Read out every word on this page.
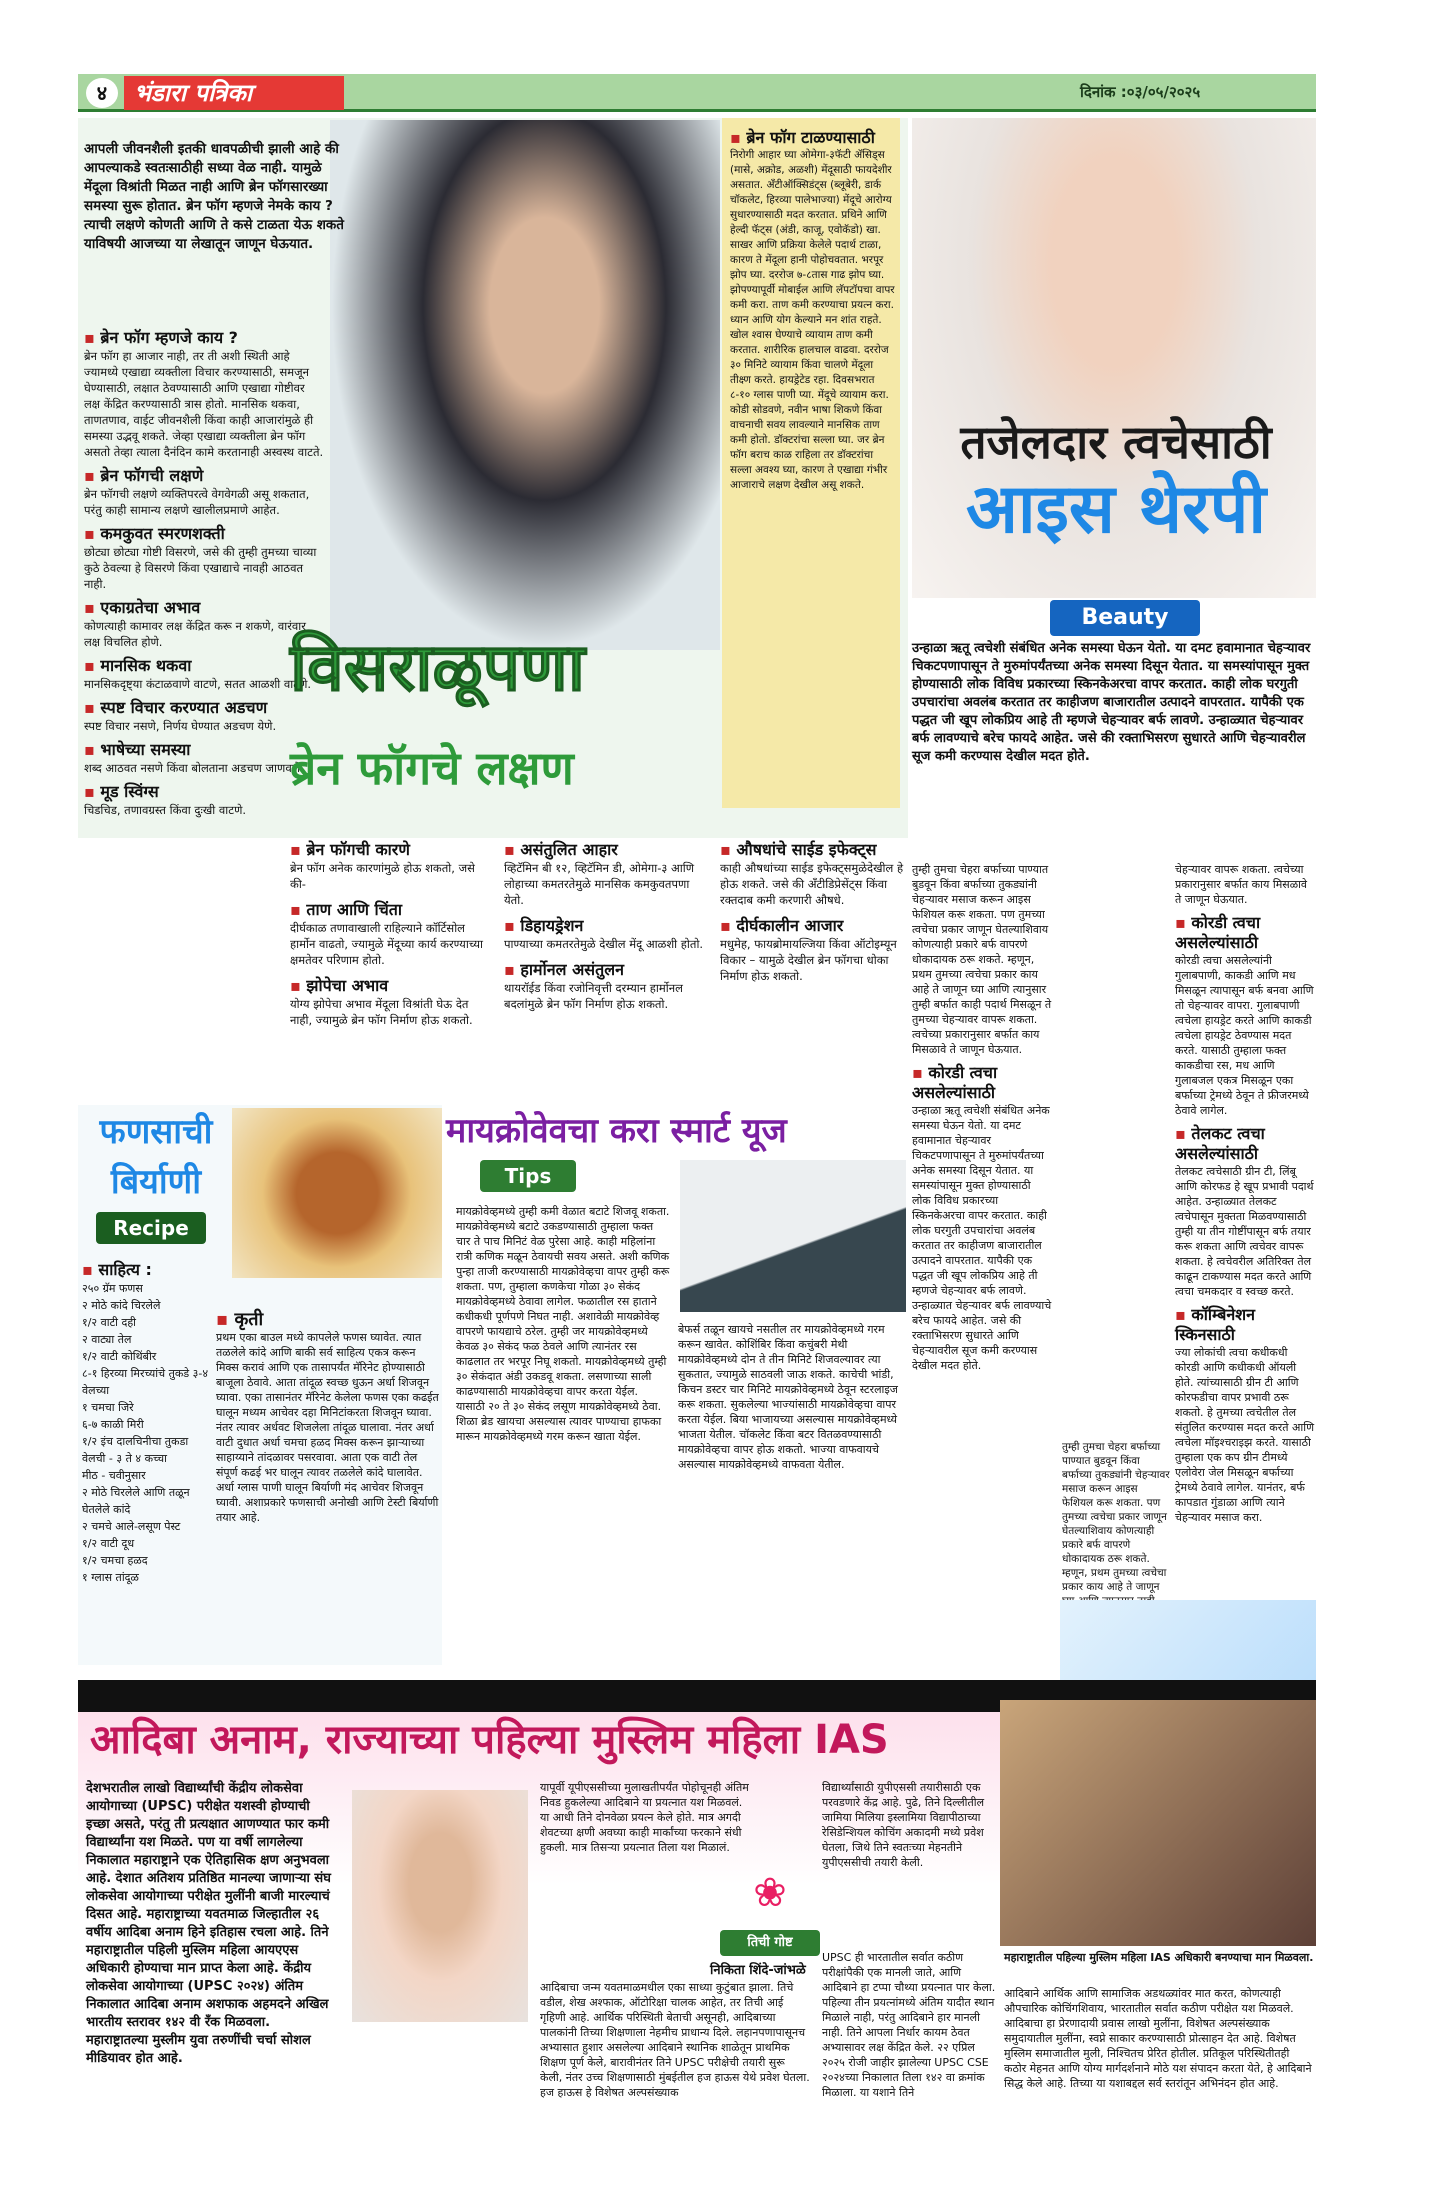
४	भंडारा पत्रिका	दिनांक :०३/०५/२०२५
आपली जीवनशैली इतकी धावपळीची झाली आहे की आपल्याकडे स्वतःसाठीही सध्या वेळ नाही. यामुळे मेंदूला विश्रांती मिळत नाही आणि ब्रेन फॉगसारख्या समस्या सुरू होतात. ब्रेन फॉग म्हणजे नेमके काय ? त्याची लक्षणे कोणती आणि ते कसे टाळता येऊ शकते याविषयी आजच्या या लेखातून जाणून घेऊयात.
▪ ब्रेन फॉग म्हणजे काय ?

ब्रेन फॉग हा आजार नाही, तर ती अशी स्थिती आहे ज्यामध्ये एखाद्या व्यक्तीला विचार करण्यासाठी, समजून घेण्यासाठी, लक्षात ठेवण्यासाठी आणि एखाद्या गोष्टीवर लक्ष केंद्रित करण्यासाठी त्रास होतो. मानसिक थकवा, ताणतणाव, वाईट जीवनशैली किंवा काही आजारांमुळे ही समस्या उद्भवू शकते. जेव्हा एखाद्या व्यक्तीला ब्रेन फॉग असतो तेव्हा त्याला दैनंदिन कामे करतानाही अस्वस्थ वाटते.

▪ ब्रेन फॉगची लक्षणे

ब्रेन फॉगची लक्षणे व्यक्तिपरत्वे वेगवेगळी असू शकतात, परंतु काही सामान्य लक्षणे खालीलप्रमाणे आहेत.

▪ कमकुवत स्मरणशक्ती

छोट्या छोट्या गोष्टी विसरणे, जसे की तुम्ही तुमच्या चाव्या कुठे ठेवल्या हे विसरणे किंवा एखाद्याचे नावही आठवत नाही.

▪ एकाग्रतेचा अभाव

कोणत्याही कामावर लक्ष केंद्रित करू न शकणे, वारंवार लक्ष विचलित होणे.

▪ मानसिक थकवा

मानसिकदृष्ट्या कंटाळवाणे वाटणे, सतत आळशी वाटणे.

▪ स्पष्ट विचार करण्यात अडचण

स्पष्ट विचार नसणे, निर्णय घेण्यात अडचण येणे.

▪ भाषेच्या समस्या

शब्द आठवत नसणे किंवा बोलताना अडचण जाणवणे.

▪ मूड स्विंग्स

चिडचिड, तणावग्रस्त किंवा दुःखी वाटणे.

विसराळूपणा
ब्रेन फॉगचे लक्षण
▪ ब्रेन फॉग टाळण्यासाठी

निरोगी आहार घ्या ओमेगा-३फॅटी ॲसिड्स (मासे, अक्रोड, अळशी) मेंदूसाठी फायदेशीर असतात. अँटीऑक्सिडंट्स (ब्लूबेरी, डार्क चॉकलेट, हिरव्या पालेभाज्या) मेंदूचे आरोग्य सुधारण्यासाठी मदत करतात. प्रथिने आणि हेल्दी फॅट्स (अंडी, काजू, एवोकॅडो) खा. साखर आणि प्रक्रिया केलेले पदार्थ टाळा, कारण ते मेंदूला हानी पोहोचवतात. भरपूर झोप घ्या. दररोज ७-८तास गाढ झोप घ्या. झोपण्यापूर्वी मोबाईल आणि लॅपटॉपचा वापर कमी करा. ताण कमी करण्याचा प्रयत्न करा. ध्यान आणि योग केल्याने मन शांत राहते. खोल श्वास घेण्याचे व्यायाम ताण कमी करतात. शारीरिक हालचाल वाढवा. दररोज ३० मिनिटे व्यायाम किंवा चालणे मेंदूला तीक्ष्ण करते. हायड्रेटेड रहा. दिवसभरात ८-१० ग्लास पाणी प्या. मेंदूचे व्यायाम करा. कोडी सोडवणे, नवीन भाषा शिकणे किंवा वाचनाची सवय लावल्याने मानसिक ताण कमी होतो. डॉक्टरांचा सल्ला घ्या. जर ब्रेन फॉग बराच काळ राहिला तर डॉक्टरांचा सल्ला अवश्य घ्या, कारण ते एखाद्या गंभीर आजाराचे लक्षण देखील असू शकते.

▪ ब्रेन फॉगची कारणे

ब्रेन फॉग अनेक कारणांमुळे होऊ शकतो, जसे की-

▪ ताण आणि चिंता

दीर्घकाळ तणावाखाली राहिल्याने कॉर्टिसोल हार्मोन वाढतो, ज्यामुळे मेंदूच्या कार्य करण्याच्या क्षमतेवर परिणाम होतो.

▪ झोपेचा अभाव

योग्य झोपेचा अभाव मेंदूला विश्रांती घेऊ देत नाही, ज्यामुळे ब्रेन फॉग निर्माण होऊ शकतो.

▪ असंतुलित आहार

व्हिटॅमिन बी १२, व्हिटॅमिन डी, ओमेगा-३ आणि लोहाच्या कमतरतेमुळे मानसिक कमकुवतपणा येतो.

▪ डिहायड्रेशन

पाण्याच्या कमतरतेमुळे देखील मेंदू आळशी होतो.

▪ हार्मोनल असंतुलन

थायरॉईड किंवा रजोनिवृत्ती दरम्यान हार्मोनल बदलांमुळे ब्रेन फॉग निर्माण होऊ शकतो.

▪ औषधांचे साईड इफेक्ट्स

काही औषधांच्या साईड इफेक्ट्समुळेदेखील हे होऊ शकते. जसे की अँटीडिप्रेसेंट्स किंवा रक्तदाब कमी करणारी औषधे.

▪ दीर्घकालीन आजार

मधुमेह, फायब्रोमायल्जिया किंवा ऑटोइम्यून विकार – यामुळे देखील ब्रेन फॉगचा धोका निर्माण होऊ शकतो.

तजेलदार त्वचेसाठी
आइस थेरपी
Beauty
उन्हाळा ऋतू त्वचेशी संबंधित अनेक समस्या घेऊन येतो. या दमट हवामानात चेहऱ्यावर चिकटपणापासून ते मुरुमांपर्यंतच्या अनेक समस्या दिसून येतात. या समस्यांपासून मुक्त होण्यासाठी लोक विविध प्रकारच्या स्किनकेअरचा वापर करतात. काही लोक घरगुती उपचारांचा अवलंब करतात तर काहीजण बाजारातील उत्पादने वापरतात. यापैकी एक पद्धत जी खूप लोकप्रिय आहे ती म्हणजे चेहऱ्यावर बर्फ लावणे. उन्हाळ्यात चेहऱ्यावर बर्फ लावण्याचे बरेच फायदे आहेत. जसे की रक्ताभिसरण सुधारते आणि चेहऱ्यावरील सूज कमी करण्यास देखील मदत होते.

तुम्ही तुमचा चेहरा बर्फाच्या पाण्यात बुडवून किंवा बर्फाच्या तुकड्यांनी चेहऱ्यावर मसाज करून आइस फेशियल करू शकता. पण तुमच्या त्वचेचा प्रकार जाणून घेतल्याशिवाय कोणत्याही प्रकारे बर्फ वापरणे धोकादायक ठरू शकते. म्हणून, प्रथम तुमच्या त्वचेचा प्रकार काय आहे ते जाणून घ्या आणि त्यानुसार तुम्ही बर्फात काही पदार्थ मिसळून ते तुमच्या चेहऱ्यावर वापरू शकता. त्वचेच्या प्रकारानुसार बर्फात काय मिसळावे ते जाणून घेऊयात.

▪ कोरडी त्वचा असलेल्यांसाठी

उन्हाळा ऋतू त्वचेशी संबंधित अनेक समस्या घेऊन येतो. या दमट हवामानात चेहऱ्यावर चिकटपणापासून ते मुरुमांपर्यंतच्या अनेक समस्या दिसून येतात. या समस्यांपासून मुक्त होण्यासाठी लोक विविध प्रकारच्या स्किनकेअरचा वापर करतात. काही लोक घरगुती उपचारांचा अवलंब करतात तर काहीजण बाजारातील उत्पादने वापरतात. यापैकी एक पद्धत जी खूप लोकप्रिय आहे ती म्हणजे चेहऱ्यावर बर्फ लावणे. उन्हाळ्यात चेहऱ्यावर बर्फ लावण्याचे बरेच फायदे आहेत. जसे की रक्ताभिसरण सुधारते आणि चेहऱ्यावरील सूज कमी करण्यास देखील मदत होते.

चेहऱ्यावर वापरू शकता. त्वचेच्या प्रकारानुसार बर्फात काय मिसळावे ते जाणून घेऊयात.

▪ कोरडी त्वचा असलेल्यांसाठी

कोरडी त्वचा असलेल्यांनी गुलाबपाणी, काकडी आणि मध मिसळून त्यापासून बर्फ बनवा आणि तो चेहऱ्यावर वापरा. गुलाबपाणी त्वचेला हायड्रेट करते आणि काकडी त्वचेला हायड्रेट ठेवण्यास मदत करते. यासाठी तुम्हाला फक्त काकडीचा रस, मध आणि गुलाबजल एकत्र मिसळून एका बर्फाच्या ट्रेमध्ये ठेवून ते फ्रीजरमध्ये ठेवावे लागेल.

▪ तेलकट त्वचा असलेल्यांसाठी

तेलकट त्वचेसाठी ग्रीन टी, लिंबू आणि कोरफड हे खूप प्रभावी पदार्थ आहेत. उन्हाळ्यात तेलकट त्वचेपासून मुक्तता मिळवण्यासाठी तुम्ही या तीन गोष्टींपासून बर्फ तयार करू शकता आणि त्वचेवर वापरू शकता. हे त्वचेवरील अतिरिक्त तेल काढून टाकण्यास मदत करते आणि त्वचा चमकदार व स्वच्छ करते.

▪ कॉम्बिनेशन स्किनसाठी

ज्या लोकांची त्वचा कधीकधी कोरडी आणि कधीकधी ऑयली होते. त्यांच्यासाठी ग्रीन टी आणि कोरफडीचा वापर प्रभावी ठरू शकतो. हे तुमच्या त्वचेतील तेल संतुलित करण्यास मदत करते आणि त्वचेला मॉइश्चराइझ करते. यासाठी तुम्हाला एक कप ग्रीन टीमध्ये एलोवेरा जेल मिसळून बर्फाच्या ट्रेमध्ये ठेवावे लागेल. यानंतर, बर्फ कापडात गुंडाळा आणि त्याने चेहऱ्यावर मसाज करा.

तुम्ही तुमचा चेहरा बर्फाच्या पाण्यात बुडवून किंवा बर्फाच्या तुकड्यांनी चेहऱ्यावर मसाज करून आइस फेशियल करू शकता. पण तुमच्या त्वचेचा प्रकार जाणून घेतल्याशिवाय कोणत्याही प्रकारे बर्फ वापरणे धोकादायक ठरू शकते. म्हणून, प्रथम तुमच्या त्वचेचा प्रकार काय आहे ते जाणून

फणसाची
बिर्याणी
Recipe
▪ साहित्य :
२५० ग्रॅम फणस
२ मोठे कांदे चिरलेले
१/२ वाटी दही
२ वाट्या तेल
१/२ वाटी कोथिंबीर
८-१ हिरव्या मिरच्यांचे तुकडे ३-४ वेलच्या
१ चमचा जिरे
६-७ काळी मिरी
१/२ इंच दालचिनीचा तुकडा
वेलची - ३ ते ४ कच्चा
मीठ - चवीनुसार
२ मोठे चिरलेले आणि तळून घेतलेले कांदे
२ चमचे आले-लसूण पेस्ट
१/२ वाटी दूध
१/२ चमचा हळद
१ ग्लास तांदूळ
▪ कृती

प्रथम एका बाउल मध्ये कापलेले फणस घ्यावेत. त्यात तळलेले कांदे आणि बाकी सर्व साहित्य एकत्र करून मिक्स करावं आणि एक तासापर्यंत मॅरिनेट होण्यासाठी बाजूला ठेवावे. आता तांदूळ स्वच्छ धुऊन अर्धा शिजवून घ्यावा. एका तासानंतर मॅरिनेट केलेला फणस एका कढईत घालून मध्यम आचेवर दहा मिनिटांकरता शिजवून घ्यावा. नंतर त्यावर अर्धवट शिजलेला तांदूळ घालावा. नंतर अर्धा वाटी दुधात अर्धा चमचा हळद मिक्स करून झाऱ्याच्या साहाय्याने तांदळावर पसरवावा. आता एक वाटी तेल संपूर्ण कढई भर घालून त्यावर तळलेले कांदे घालावेत. अर्धा ग्लास पाणी घालून बिर्याणी मंद आचेवर शिजवून घ्यावी. अशाप्रकारे फणसाची अनोखी आणि टेस्टी बिर्याणी तयार आहे.

मायक्रोवेवचा करा स्मार्ट यूज
Tips

मायक्रोवेव्हमध्ये तुम्ही कमी वेळात बटाटे शिजवू शकता. मायक्रोवेव्हमध्ये बटाटे उकडण्यासाठी तुम्हाला फक्त चार ते पाच मिनिटं वेळ पुरेसा आहे. काही महिलांना रात्री कणिक मळून ठेवायची सवय असते. अशी कणिक पुन्हा ताजी करण्यासाठी मायक्रोवेव्हचा वापर तुम्ही करू शकता. पण, तुम्हाला कणकेचा गोळा ३० सेकंद मायक्रोवेव्हमध्ये ठेवावा लागेल. फळातील रस हाताने कधीकधी पूर्णपणे निघत नाही. अशावेळी मायक्रोवेव्ह वापरणे फायद्याचे ठरेल. तुम्ही जर मायक्रोवेव्हमध्ये केवळ ३० सेकंद फळ ठेवले आणि त्यानंतर रस काढलात तर भरपूर निघू शकतो. मायक्रोवेव्हमध्ये तुम्ही ३० सेकंदात अंडी उकडवू शकता. लसणाच्या साली काढण्यासाठी मायक्रोवेव्हचा वापर करता येईल. यासाठी २० ते ३० सेकंद लसूण मायक्रोवेव्हमध्ये ठेवा. शिळा ब्रेड खायचा असल्यास त्यावर पाण्याचा हाफका मारून मायक्रोवेव्हमध्ये गरम करून खाता येईल.

बेफर्स तळून खायचे नसतील तर मायक्रोवेव्हमध्ये गरम करून खावेत. कोशिंबिर किंवा कचुंबरी मेथी मायक्रोवेव्हमध्ये दोन ते तीन मिनिटे शिजवल्यावर त्या सुकतात, ज्यामुळे साठवली जाऊ शकते. काचेची भांडी, किचन डस्टर चार मिनिटे मायक्रोवेव्हमध्ये ठेवून स्टरलाइज करू शकता. सुकलेल्या भाज्यांसाठी मायक्रोवेव्हचा वापर करता येईल. बिया भाजायच्या असल्यास मायक्रोवेव्हमध्ये भाजता येतील. चॉकलेट किंवा बटर वितळवण्यासाठी मायक्रोवेव्हचा वापर होऊ शकतो. भाज्या वाफवायचे असल्यास मायक्रोवेव्हमध्ये वाफवता येतील.

आदिबा अनाम, राज्याच्या पहिल्या मुस्लिम महिला IAS
देशभरातील लाखो विद्यार्थ्यांची केंद्रीय लोकसेवा आयोगाच्या (UPSC) परीक्षेत यशस्वी होण्याची इच्छा असते, परंतु ती प्रत्यक्षात आणण्यात फार कमी विद्यार्थ्यांना यश मिळते. पण या वर्षी लागलेल्या निकालात महाराष्ट्राने एक ऐतिहासिक क्षण अनुभवला आहे. देशात अतिशय प्रतिष्ठित मानल्या जाणाऱ्या संघ लोकसेवा आयोगाच्या परीक्षेत मुलींनी बाजी मारल्याचं दिसत आहे. महाराष्ट्राच्या यवतमाळ जिल्हातील २६ वर्षीय आदिबा अनाम हिने इतिहास रचला आहे. तिने महाराष्ट्रातील पहिली मुस्लिम महिला आयएएस अधिकारी होण्याचा मान प्राप्त केला आहे. केंद्रीय लोकसेवा आयोगाच्या (UPSC २०२४) अंतिम निकालात आदिबा अनाम अशफाक अहमदने अखिल भारतीय स्तरावर १४२ वी रँक मिळवला. महाराष्ट्रातल्या मुस्लीम युवा तरुणींची चर्चा सोशल मीडियावर होत आहे.

यापूर्वी यूपीएससीच्या मुलाखतीपर्यंत पोहोचूनही अंतिम निवड हुकलेल्या आदिबाने या प्रयत्नात यश मिळवलं. या आधी तिने दोनवेळा प्रयत्न केले होते. मात्र अगदी शेवटच्या क्षणी अवघ्या काही मार्कांच्या फरकाने संधी हुकली. मात्र तिसऱ्या प्रयत्नात तिला यश मिळालं.

❀
तिची गोष्ट
निकिता शिंदे-जांभळे

आदिबाचा जन्म यवतमाळमधील एका साध्या कुटुंबात झाला. तिचे वडील, शेख अश्फाक, ऑटोरिक्षा चालक आहेत, तर तिची आई गृहिणी आहे. आर्थिक परिस्थिती बेताची असूनही, आदिबाच्या पालकांनी तिच्या शिक्षणाला नेहमीच प्राधान्य दिले. लहानपणापासूनच अभ्यासात हुशार असलेल्या आदिबाने स्थानिक शाळेतून प्राथमिक शिक्षण पूर्ण केले, बारावीनंतर तिने UPSC परीक्षेची तयारी सुरू केली, नंतर उच्च शिक्षणासाठी मुंबईतील हज हाऊस येथे प्रवेश घेतला. हज हाऊस हे विशेषत अल्पसंख्याक

विद्यार्थ्यांसाठी युपीएससी तयारीसाठी एक परवडणारे केंद्र आहे. पुढे, तिने दिल्लीतील जामिया मिलिया इस्लामिया विद्यापीठाच्या रेसिडेन्शियल कोचिंग अकादमी मध्ये प्रवेश घेतला, जिथे तिने स्वतःच्या मेहनतीने युपीएससीची तयारी केली.

UPSC ही भारतातील सर्वात कठीण परीक्षांपैकी एक मानली जाते, आणि आदिबाने हा टप्पा चौथ्या प्रयत्नात पार केला. पहिल्या तीन प्रयत्नांमध्ये अंतिम यादीत स्थान मिळाले नाही, परंतु आदिबाने हार मानली नाही. तिने आपला निर्धार कायम ठेवत अभ्यासावर लक्ष केंद्रित केले. २२ एप्रिल २०२५ रोजी जाहीर झालेल्या UPSC CSE २०२४च्या निकालात तिला १४२ वा क्रमांक मिळाला. या यशाने तिने

महाराष्ट्रातील पहिल्या मुस्लिम महिला IAS अधिकारी बनण्याचा मान मिळवला.

आदिबाने आर्थिक आणि सामाजिक अडथळ्यांवर मात करत, कोणत्याही औपचारिक कोचिंगशिवाय, भारतातील सर्वात कठीण परीक्षेत यश मिळवले. आदिबाचा हा प्रेरणादायी प्रवास लाखो मुलींना, विशेषत अल्पसंख्याक समुदायातील मुलींना, स्वप्ने साकार करण्यासाठी प्रोत्साहन देत आहे. विशेषत मुस्लिम समाजातील मुली, निश्चितच प्रेरित होतील. प्रतिकूल परिस्थितीतही कठोर मेहनत आणि योग्य मार्गदर्शनाने मोठे यश संपादन करता येते, हे आदिबाने सिद्ध केले आहे. तिच्या या यशाबद्दल सर्व स्तरांतून अभिनंदन होत आहे.
